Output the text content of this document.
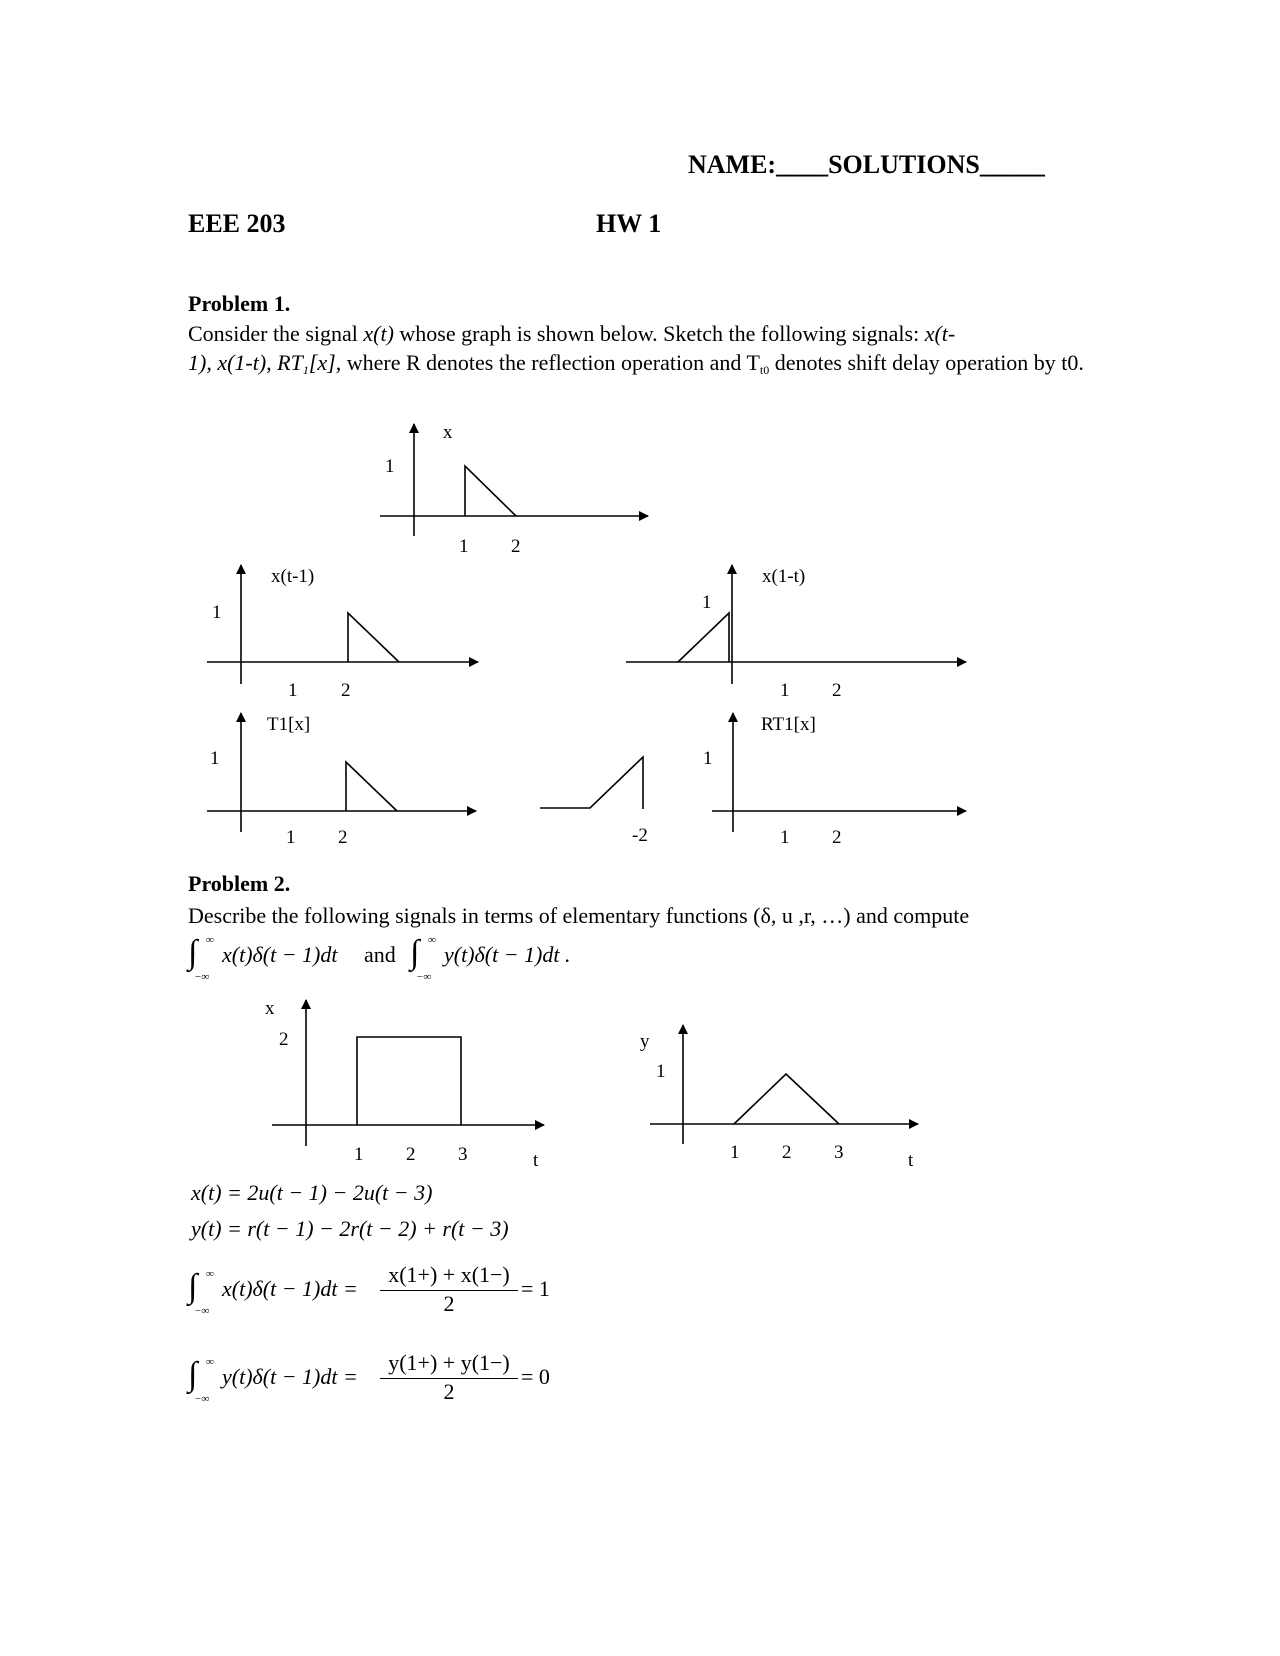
NAME:____SOLUTIONS_____
EEE 203	HW 1
Problem 1.
Consider the signal x(t) whose graph is shown below. Sketch the following signals: x(t-
1), x(1-t), $RT_1[x]$, where R denotes the reflection operation and $T_{t0}$ denotes shift delay operation by t0.
x
1
1 2
x(t-1)
1
1 2
x(1-t)
1
1 2
T1[x]
1
1 2
RT1[x]
1
-2	1 2
Problem 2.
Describe the following signals in terms of elementary functions (δ, u ,r, …) and compute
∫ ∞
−∞
x(t)δ(t − 1)dt and ∫ ∞
−∞
y(t)δ(t − 1)dt .
x
2
1 2 3	t
y
1
1 2 3	t
x(t) = 2u(t − 1) − 2u(t − 3)
y(t) = r(t − 1) − 2r(t − 2) + r(t − 3)
∫ ∞
−∞
$x(t)\delta(t - 1)dt = \frac{x(1+) + x(1-)}{2} = 1$
∫ ∞
−∞
$y(t)\delta(t - 1)dt = \frac{y(1+) + y(1-)}{2} = 0$
